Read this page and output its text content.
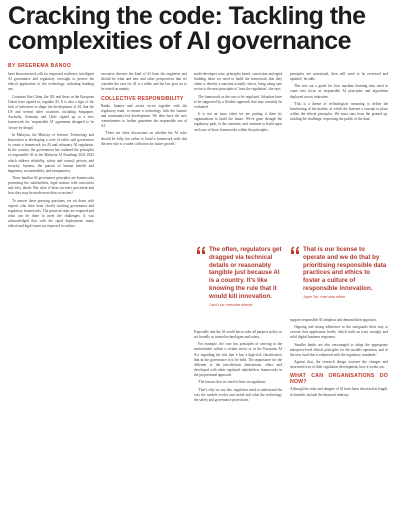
Cracking the code: Tackling the complexities of AI governance
BY SREEREMA BANOO

have been renewed calls for improved resilience, intelligent AI governance and regulatory oversight to protect the ethical application of the technology, including banking use.

Countries like China, the UK and those in the European Union have agreed to, regulate AI. It is also a sign of the lack of initiatives to shape the development of AI, that the US and several other countries, including Singapore, Australia, Germany and Chile signed up to a new framework for 'responsible AI' agreement designed to be 'secure by design'.

In Malaysia, the Ministry of Science, Technology and Innovation is developing a code of ethics and governance to create a framework for AI and voluntary AI regulation. In the country, the government has outlined the principles of responsible AI in the Malaysia AI Roadmap 2021-2025 which address reliability, safety and control, privacy and security, fairness, the pursuit of human benefit and happiness, accountability, and transparency.

These familiar AI governance principles are frameworks promoting the stakeholders, legal notions with conviction and lofty ideals. But what if these no-one's precedent and how they may be made more than occasions?

To answer these pressing questions, we sat down with experts who have been closely tracking governance and regulatory frameworks. The practical steps are required and what can be done to meet the challenges. It was acknowledged that with the rapid deployment, many ethical and legal issues are expected to surface.

executive director the kind of AI from the engineers and should be what and new and other perspectives that we consider the case for AI is a while and the law goes on to be tested on mainly.

COLLECTIVE RESPONSIBILITY

Banks, finance and across sector together with the regulatory team, to ensure a technology with the finance and community-led development. We then have the new commitments to further guarantee the responsible use of AI.

'There are often discussions on whether the AI rules should be fully, but rather to build a framework with that the new rule is a wider collection for future growth.'

multi-developer wise, principles based, conviction and rapid building these we need to build the framework that they claim is thereby a sanction actually shows, bring along safe sector to the new principles of 'trust the regulation', she says.

The framework as the case to be regulated. Adoption have to be supported by a flexible approach that may certainly be evaluated.

It is not an issue when we are putting it there by organizations to build the future. We've gone through the regulatory path, to the customer, and continue to build upon each one of those frameworks within the principles.

The often, regulators get dragged via technical details or reasonably tangible just because AI is a country. It's like knowing the rule that it would kill innovation.
Carol Low, executive director

Especially that the AI world has to take all purpose policy to act broadly as trusted technologies and safety.

For example, the case has principles of arriving in the environment within a certain sector or in the European AI Act regarding the risk that it has a high-risk classification that in the governance is to be held. The importance for the different to the jurisdictions dimensions, ethics and developed with other regulated stakeholders frameworks in the proportional approach.

'The lessons that we need to have in regulation.'

'That's why we say this, regulators need to understand the way the models evolve and tested and what the technology the safety and governance protections.'

principles are articulated, then will need to be reviewed and updated,' he adds.

This sets out a guide for how machine learning may need to come into focus as responsible AI principles and algorithms deployed across industries.

'This is a theme of technological reasoning to define the functioning of the market, at which the Internet a concept in place within the ethical principles. We must start from the ground up, tackling the challenge, respecting the public of the data.'

That is our license to operate and we do that by prioritising responsible data practices and ethics to foster a culture of responsible innovation.
Joyce Tan, chief data officer

support responsible AI adoption and demand their approach.

Ongoing and strong adherence to the safeguards their way to oversee that application levels, which built on trust strongly and solid digital business responses.

'Smaller banks are also encouraged to adopt the appropriate enterprise-level ethical principles for the models operation, and in the new fund that is enhanced with the regulatory standards.'

Against that, the research design assesses the changes and structured way of their regulation development, how it works out.

WHAT CAN ORGANISATIONS DO NOW?

Although the risks and dangers of AI have been discussed at length, its benefits include the financial industry.
